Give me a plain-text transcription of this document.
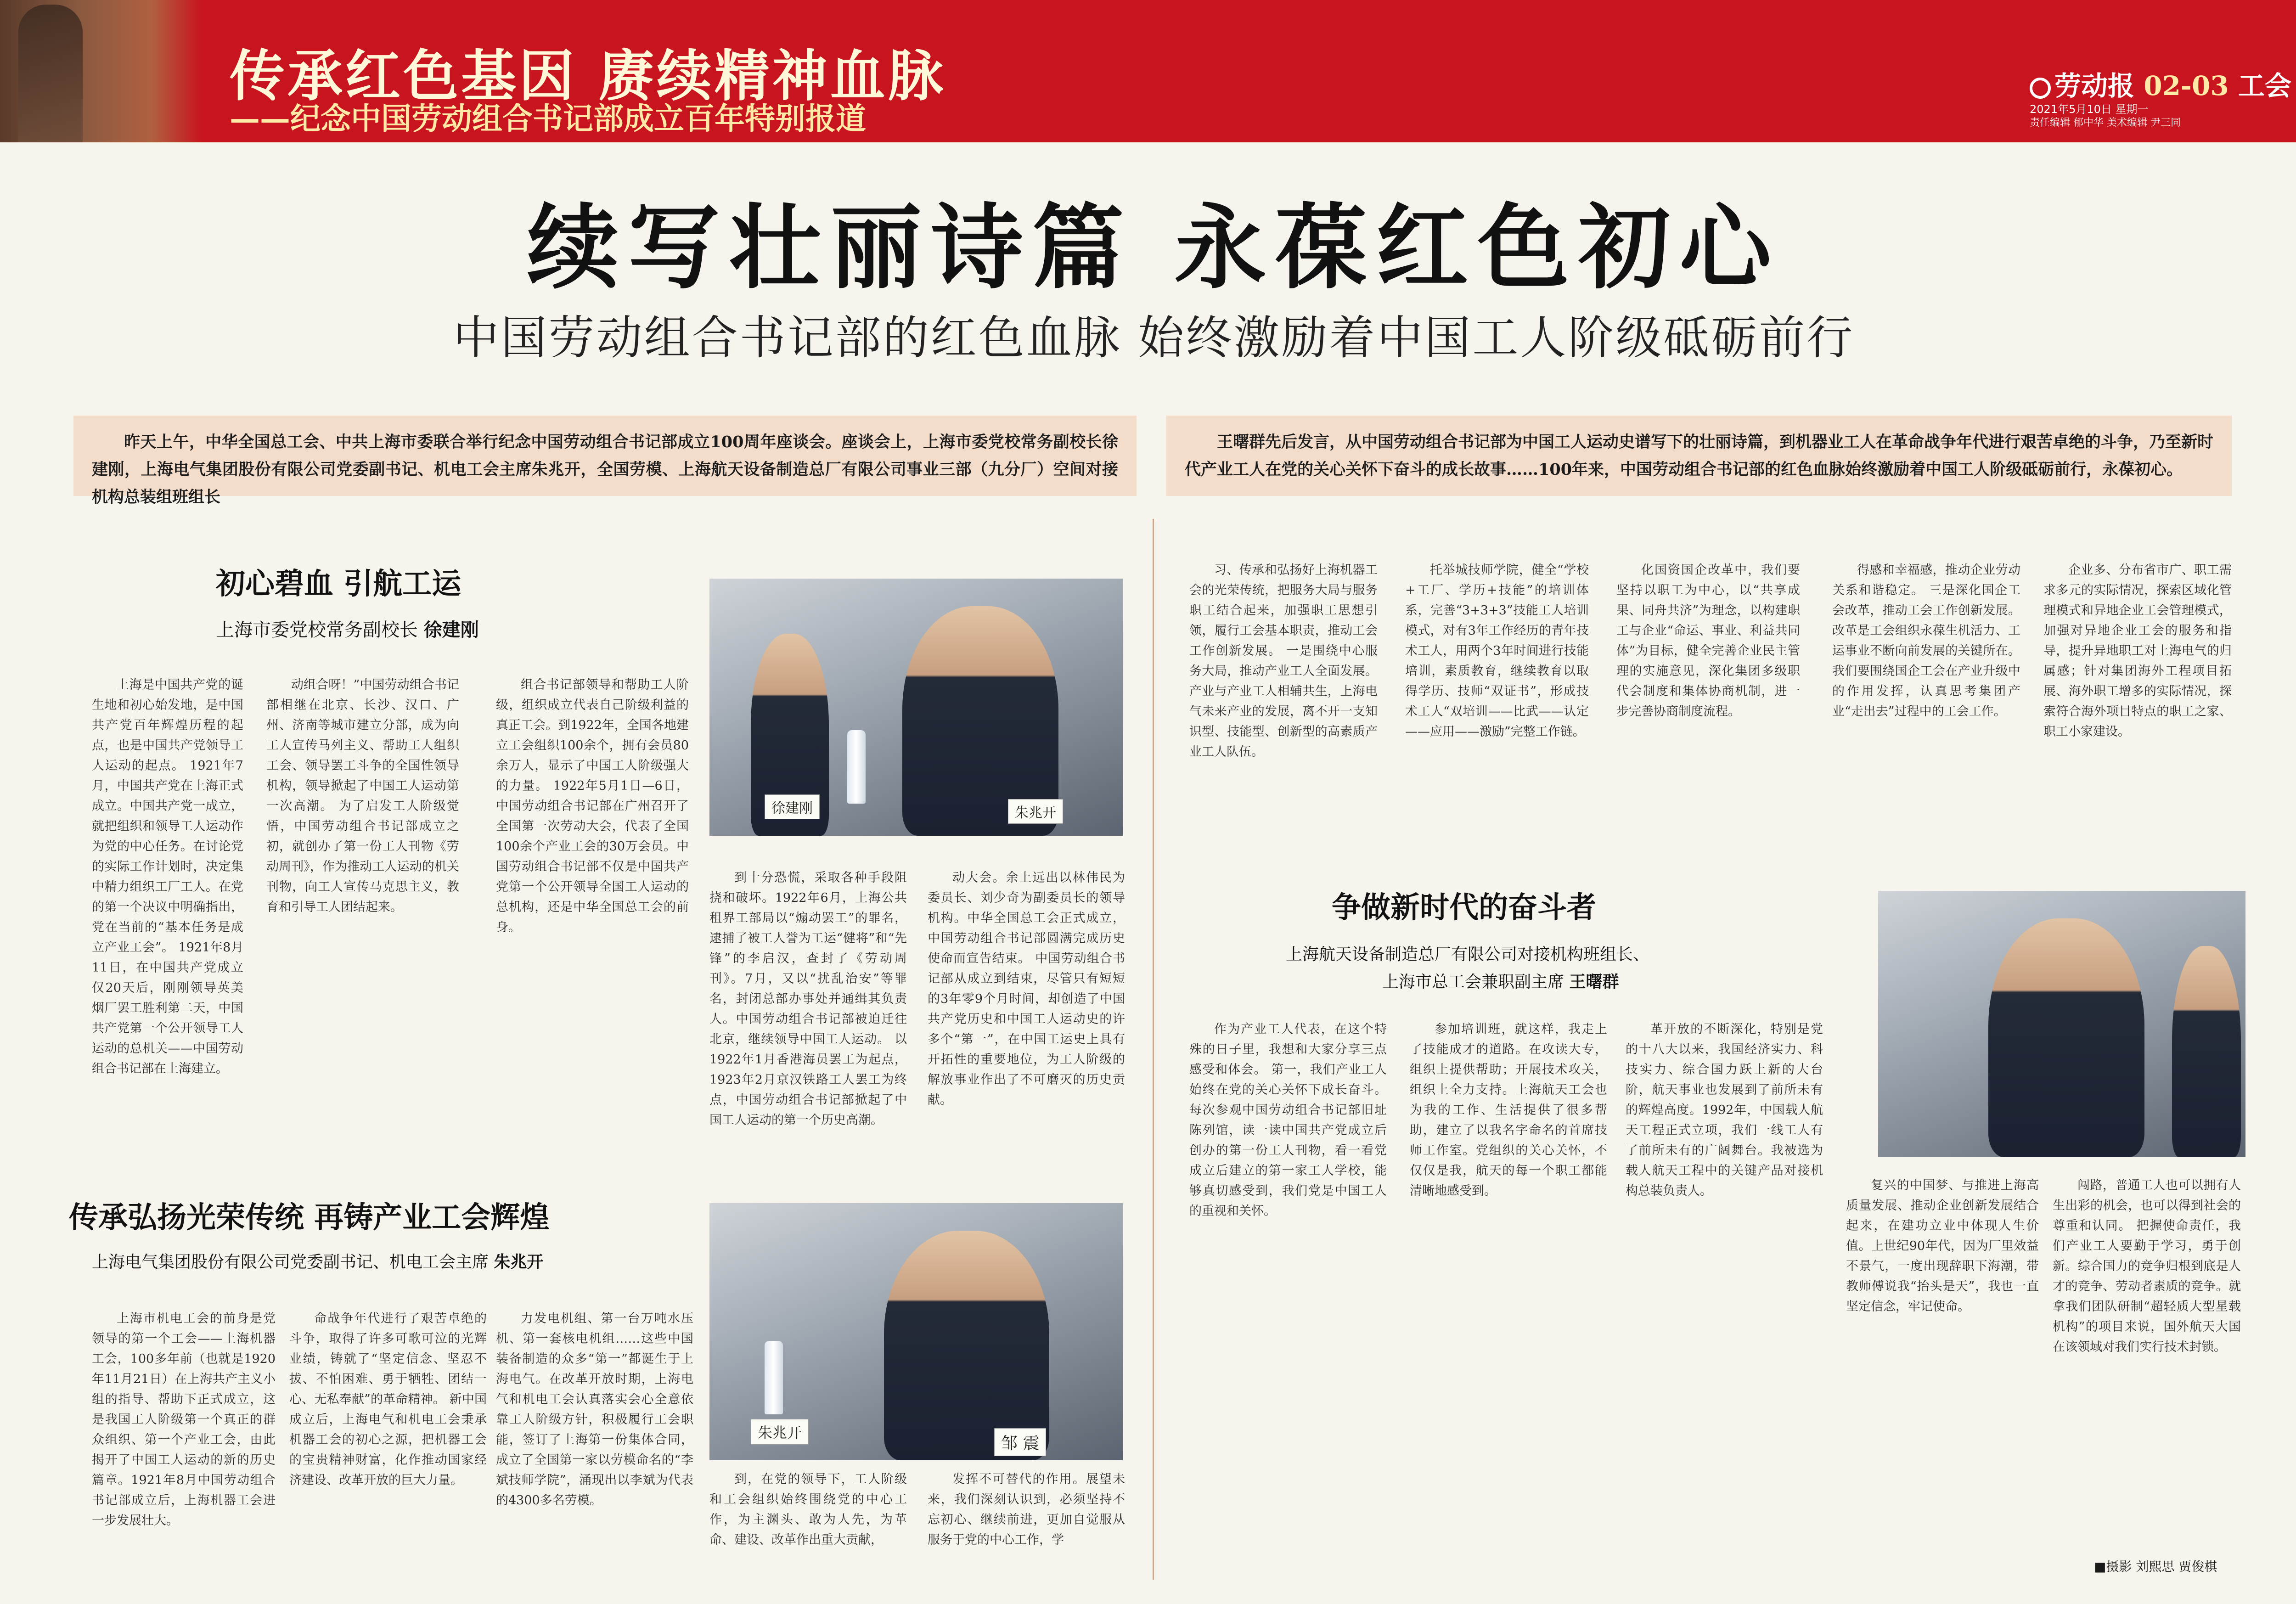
传承红色基因 赓续精神血脉
——纪念中国劳动组合书记部成立百年特别报道
劳动报 02-03 工会
2021年5月10日 星期一
责任编辑 郁中华 美术编辑 尹三同
续写壮丽诗篇 永葆红色初心
中国劳动组合书记部的红色血脉 始终激励着中国工人阶级砥砺前行
昨天上午，中华全国总工会、中共上海市委联合举行纪念中国劳动组合书记部成立100周年座谈会。座谈会上，上海市委党校常务副校长徐建刚，上海电气集团股份有限公司党委副书记、机电工会主席朱兆开，全国劳模、上海航天设备制造总厂有限公司事业三部（九分厂）空间对接机构总装组班组长
王曙群先后发言，从中国劳动组合书记部为中国工人运动史谱写下的壮丽诗篇，到机器业工人在革命战争年代进行艰苦卓绝的斗争，乃至新时代产业工人在党的关心关怀下奋斗的成长故事……100年来，中国劳动组合书记部的红色血脉始终激励着中国工人阶级砥砺前行，永葆初心。
初心碧血 引航工运
上海市委党校常务副校长 徐建刚
徐建刚	朱兆开

上海是中国共产党的诞生地和初心始发地，是中国共产党百年辉煌历程的起点，也是中国共产党领导工人运动的起点。 1921年7月，中国共产党在上海正式成立。中国共产党一成立，就把组织和领导工人运动作为党的中心任务。在讨论党的实际工作计划时，决定集中精力组织工厂工人。在党的第一个决议中明确指出，党在当前的“基本任务是成立产业工会”。 1921年8月11日，在中国共产党成立仅20天后，刚刚领导英美烟厂罢工胜利第二天，中国共产党第一个公开领导工人运动的总机关——中国劳动组合书记部在上海建立。

动组合呀！”中国劳动组合书记部相继在北京、长沙、汉口、广州、济南等城市建立分部，成为向工人宣传马列主义、帮助工人组织工会、领导罢工斗争的全国性领导机构，领导掀起了中国工人运动第一次高潮。 为了启发工人阶级觉悟，中国劳动组合书记部成立之初，就创办了第一份工人刊物《劳动周刊》，作为推动工人运动的机关刊物，向工人宣传马克思主义，教育和引导工人团结起来。

组合书记部领导和帮助工人阶级，组织成立代表自己阶级利益的真正工会。到1922年，全国各地建立工会组织100余个，拥有会员80余万人，显示了中国工人阶级强大的力量。 1922年5月1日—6日，中国劳动组合书记部在广州召开了全国第一次劳动大会，代表了全国100余个产业工会的30万会员。中国劳动组合书记部不仅是中国共产党第一个公开领导全国工人运动的总机构，还是中华全国总工会的前身。

到十分恐慌，采取各种手段阻挠和破坏。1922年6月，上海公共租界工部局以“煽动罢工”的罪名，逮捕了被工人誉为工运“健将”和“先锋”的李启汉，查封了《劳动周刊》。7月，又以“扰乱治安”等罪名，封闭总部办事处并通缉其负责人。中国劳动组合书记部被迫迁往北京，继续领导中国工人运动。 以1922年1月香港海员罢工为起点，1923年2月京汉铁路工人罢工为终点，中国劳动组合书记部掀起了中国工人运动的第一个历史高潮。

动大会。余上远出以林伟民为委员长、刘少奇为副委员长的领导机构。中华全国总工会正式成立，中国劳动组合书记部圆满完成历史使命而宣告结束。 中国劳动组合书记部从成立到结束，尽管只有短短的3年零9个月时间，却创造了中国共产党历史和中国工人运动史的许多个“第一”，在中国工运史上具有开拓性的重要地位，为工人阶级的解放事业作出了不可磨灭的历史贡献。

传承弘扬光荣传统 再铸产业工会辉煌
上海电气集团股份有限公司党委副书记、机电工会主席 朱兆开
朱兆开
邹 震

上海市机电工会的前身是党领导的第一个工会——上海机器工会，100多年前（也就是1920年11月21日）在上海共产主义小组的指导、帮助下正式成立，这是我国工人阶级第一个真正的群众组织、第一个产业工会，由此揭开了中国工人运动的新的历史篇章。1921年8月中国劳动组合书记部成立后，上海机器工会进一步发展壮大。

命战争年代进行了艰苦卓绝的斗争，取得了许多可歌可泣的光辉业绩，铸就了“坚定信念、坚忍不拔、不怕困难、勇于牺牲、团结一心、无私奉献”的革命精神。 新中国成立后，上海电气和机电工会秉承机器工会的初心之源，把机器工会的宝贵精神财富，化作推动国家经济建设、改革开放的巨大力量。

力发电机组、第一台万吨水压机、第一套核电机组……这些中国装备制造的众多“第一”都诞生于上海电气。在改革开放时期，上海电气和机电工会认真落实会心全意依靠工人阶级方针，积极履行工会职能，签订了上海第一份集体合同，成立了全国第一家以劳模命名的“李斌技师学院”，涌现出以李斌为代表的4300多名劳模。

到，在党的领导下，工人阶级和工会组织始终围绕党的中心工作，为主渊头、敢为人先，为革命、建设、改革作出重大贡献，

发挥不可替代的作用。展望未来，我们深刻认识到，必须坚持不忘初心、继续前进，更加自觉服从服务于党的中心工作，学

习、传承和弘扬好上海机器工会的光荣传统，把服务大局与服务职工结合起来，加强职工思想引领，履行工会基本职责，推动工会工作创新发展。 一是围绕中心服务大局，推动产业工人全面发展。产业与产业工人相辅共生，上海电气未来产业的发展，离不开一支知识型、技能型、创新型的高素质产业工人队伍。

托举城技师学院，健全“学校+工厂、学历+技能”的培训体系，完善“3+3+3”技能工人培训模式，对有3年工作经历的青年技术工人，用两个3年时间进行技能培训，素质教育，继续教育以取得学历、技师“双证书”，形成技术工人“双培训——比武——认定——应用——激励”完整工作链。

化国资国企改革中，我们要坚持以职工为中心，以“共享成果、同舟共济”为理念，以构建职工与企业“命运、事业、利益共同体”为目标，健全完善企业民主管理的实施意见，深化集团多级职代会制度和集体协商机制，进一步完善协商制度流程。

得感和幸福感，推动企业劳动关系和谐稳定。 三是深化国企工会改革，推动工会工作创新发展。改革是工会组织永葆生机活力、工运事业不断向前发展的关键所在。我们要围绕国企工会在产业升级中的作用发挥，认真思考集团产业“走出去”过程中的工会工作。

企业多、分布省市广、职工需求多元的实际情况，探索区域化管理模式和异地企业工会管理模式，加强对异地企业工会的服务和指导，提升异地职工对上海电气的归属感；针对集团海外工程项目拓展、海外职工增多的实际情况，探索符合海外项目特点的职工之家、职工小家建设。

争做新时代的奋斗者
上海航天设备制造总厂有限公司对接机构班组长、
上海市总工会兼职副主席 王曙群

作为产业工人代表，在这个特殊的日子里，我想和大家分享三点感受和体会。 第一，我们产业工人始终在党的关心关怀下成长奋斗。每次参观中国劳动组合书记部旧址陈列馆，读一读中国共产党成立后创办的第一份工人刊物，看一看党成立后建立的第一家工人学校，能够真切感受到，我们党是中国工人的重视和关怀。

参加培训班，就这样，我走上了技能成才的道路。在攻读大专，组织上提供帮助；开展技术攻关，组织上全力支持。上海航天工会也为我的工作、生活提供了很多帮助，建立了以我名字命名的首席技师工作室。党组织的关心关怀，不仅仅是我，航天的每一个职工都能清晰地感受到。

革开放的不断深化，特别是党的十八大以来，我国经济实力、科技实力、综合国力跃上新的大台阶，航天事业也发展到了前所未有的辉煌高度。1992年，中国载人航天工程正式立项，我们一线工人有了前所未有的广阔舞台。我被选为载人航天工程中的关键产品对接机构总装负责人。	复兴的中国梦、与推进上海高质量发展、推动企业创新发展结合起来，在建功立业中体现人生价值。上世纪90年代，因为厂里效益不景气，一度出现辞职下海潮，带教师傅说我“抬头是天”，我也一直坚定信念，牢记使命。

闯路，普通工人也可以拥有人生出彩的机会，也可以得到社会的尊重和认同。 把握使命责任，我们产业工人要勤于学习，勇于创新。综合国力的竞争归根到底是人才的竞争、劳动者素质的竞争。就拿我们团队研制“超轻质大型星载机构”的项目来说，国外航天大国在该领域对我们实行技术封锁。

■摄影 刘熙思 贾俊棋
